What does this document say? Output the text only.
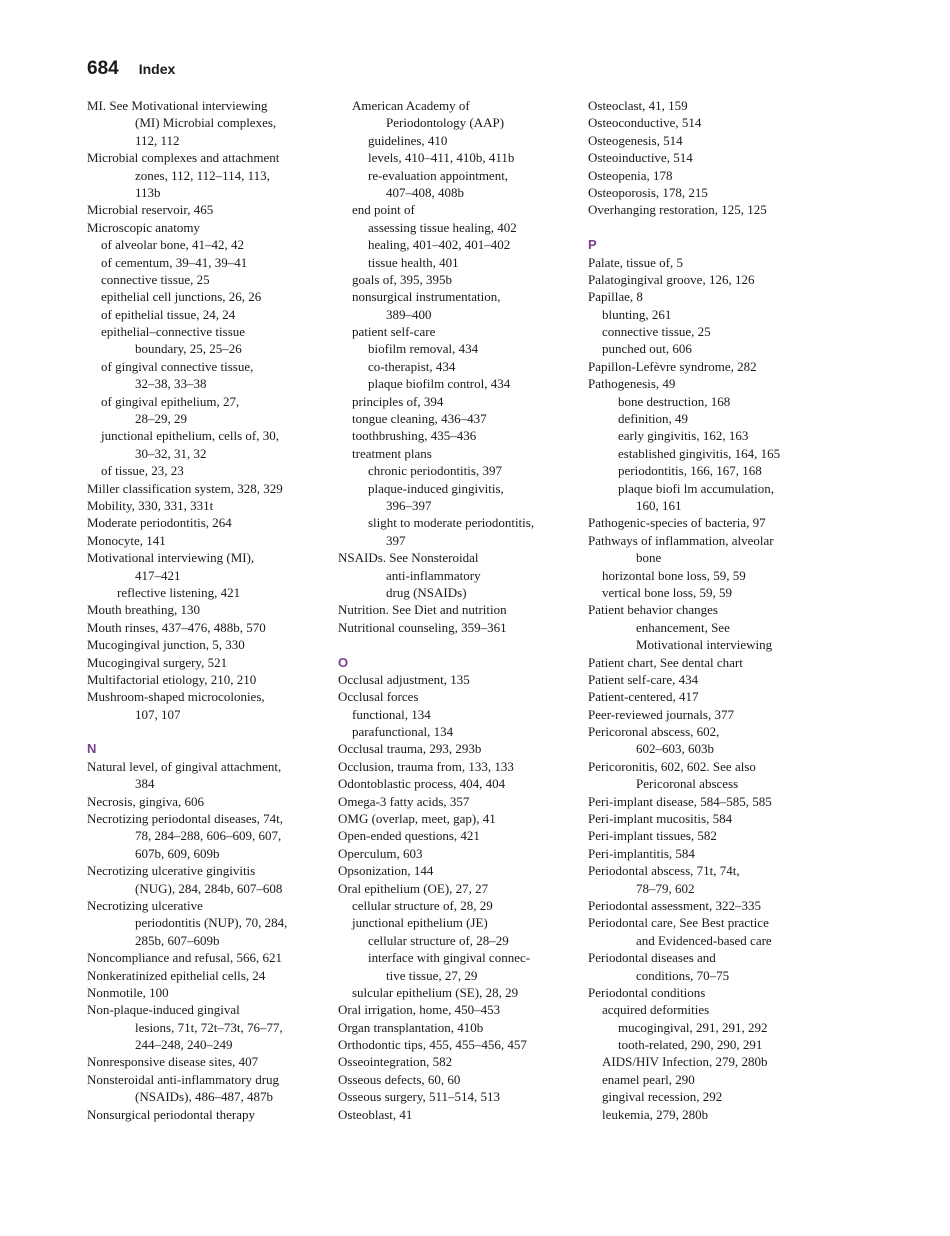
684 Index
MI. See Motivational interviewing
(MI) Microbial complexes,
112, 112
Microbial complexes and attachment
zones, 112, 112–114, 113,
113b
Microbial reservoir, 465
Microscopic anatomy
of alveolar bone, 41–42, 42
of cementum, 39–41, 39–41
connective tissue, 25
epithelial cell junctions, 26, 26
of epithelial tissue, 24, 24
epithelial–connective tissue
boundary, 25, 25–26
of gingival connective tissue,
32–38, 33–38
of gingival epithelium, 27,
28–29, 29
junctional epithelium, cells of, 30,
30–32, 31, 32
of tissue, 23, 23
Miller classification system, 328, 329
Mobility, 330, 331, 331t
Moderate periodontitis, 264
Monocyte, 141
Motivational interviewing (MI),
417–421
reflective listening, 421
Mouth breathing, 130
Mouth rinses, 437–476, 488b, 570
Mucogingival junction, 5, 330
Mucogingival surgery, 521
Multifactorial etiology, 210, 210
Mushroom-shaped microcolonies,
107, 107
N
Natural level, of gingival attachment,
384
Necrosis, gingiva, 606
Necrotizing periodontal diseases, 74t,
78, 284–288, 606–609, 607,
607b, 609, 609b
Necrotizing ulcerative gingivitis
(NUG), 284, 284b, 607–608
Necrotizing ulcerative
periodontitis (NUP), 70, 284,
285b, 607–609b
Noncompliance and refusal, 566, 621
Nonkeratinized epithelial cells, 24
Nonmotile, 100
Non-plaque-induced gingival
lesions, 71t, 72t–73t, 76–77,
244–248, 240–249
Nonresponsive disease sites, 407
Nonsteroidal anti-inflammatory drug
(NSAIDs), 486–487, 487b
Nonsurgical periodontal therapy
American Academy of
Periodontology (AAP)
guidelines, 410
levels, 410–411, 410b, 411b
re-evaluation appointment,
407–408, 408b
end point of
assessing tissue healing, 402
healing, 401–402, 401–402
tissue health, 401
goals of, 395, 395b
nonsurgical instrumentation,
389–400
patient self-care
biofilm removal, 434
co-therapist, 434
plaque biofilm control, 434
principles of, 394
tongue cleaning, 436–437
toothbrushing, 435–436
treatment plans
chronic periodontitis, 397
plaque-induced gingivitis,
396–397
slight to moderate periodontitis,
397
NSAIDs. See Nonsteroidal
anti-inflammatory
drug (NSAIDs)
Nutrition. See Diet and nutrition
Nutritional counseling, 359–361
O
Occlusal adjustment, 135
Occlusal forces
functional, 134
parafunctional, 134
Occlusal trauma, 293, 293b
Occlusion, trauma from, 133, 133
Odontoblastic process, 404, 404
Omega-3 fatty acids, 357
OMG (overlap, meet, gap), 41
Open-ended questions, 421
Operculum, 603
Opsonization, 144
Oral epithelium (OE), 27, 27
cellular structure of, 28, 29
junctional epithelium (JE)
cellular structure of, 28–29
interface with gingival connec-
tive tissue, 27, 29
sulcular epithelium (SE), 28, 29
Oral irrigation, home, 450–453
Organ transplantation, 410b
Orthodontic tips, 455, 455–456, 457
Osseointegration, 582
Osseous defects, 60, 60
Osseous surgery, 511–514, 513
Osteoblast, 41
Osteoclast, 41, 159
Osteoconductive, 514
Osteogenesis, 514
Osteoinductive, 514
Osteopenia, 178
Osteoporosis, 178, 215
Overhanging restoration, 125, 125
P
Palate, tissue of, 5
Palatogingival groove, 126, 126
Papillae, 8
blunting, 261
connective tissue, 25
punched out, 606
Papillon-Lefèvre syndrome, 282
Pathogenesis, 49
bone destruction, 168
definition, 49
early gingivitis, 162, 163
established gingivitis, 164, 165
periodontitis, 166, 167, 168
plaque biofi lm accumulation,
160, 161
Pathogenic-species of bacteria, 97
Pathways of inflammation, alveolar
bone
horizontal bone loss, 59, 59
vertical bone loss, 59, 59
Patient behavior changes
enhancement, See
Motivational interviewing
Patient chart, See dental chart
Patient self-care, 434
Patient-centered, 417
Peer-reviewed journals, 377
Pericoronal abscess, 602,
602–603, 603b
Pericoronitis, 602, 602. See also
Pericoronal abscess
Peri-implant disease, 584–585, 585
Peri-implant mucositis, 584
Peri-implant tissues, 582
Peri-implantitis, 584
Periodontal abscess, 71t, 74t,
78–79, 602
Periodontal assessment, 322–335
Periodontal care, See Best practice
and Evidenced-based care
Periodontal diseases and
conditions, 70–75
Periodontal conditions
acquired deformities
mucogingival, 291, 291, 292
tooth-related, 290, 290, 291
AIDS/HIV Infection, 279, 280b
enamel pearl, 290
gingival recession, 292
leukemia, 279, 280b
